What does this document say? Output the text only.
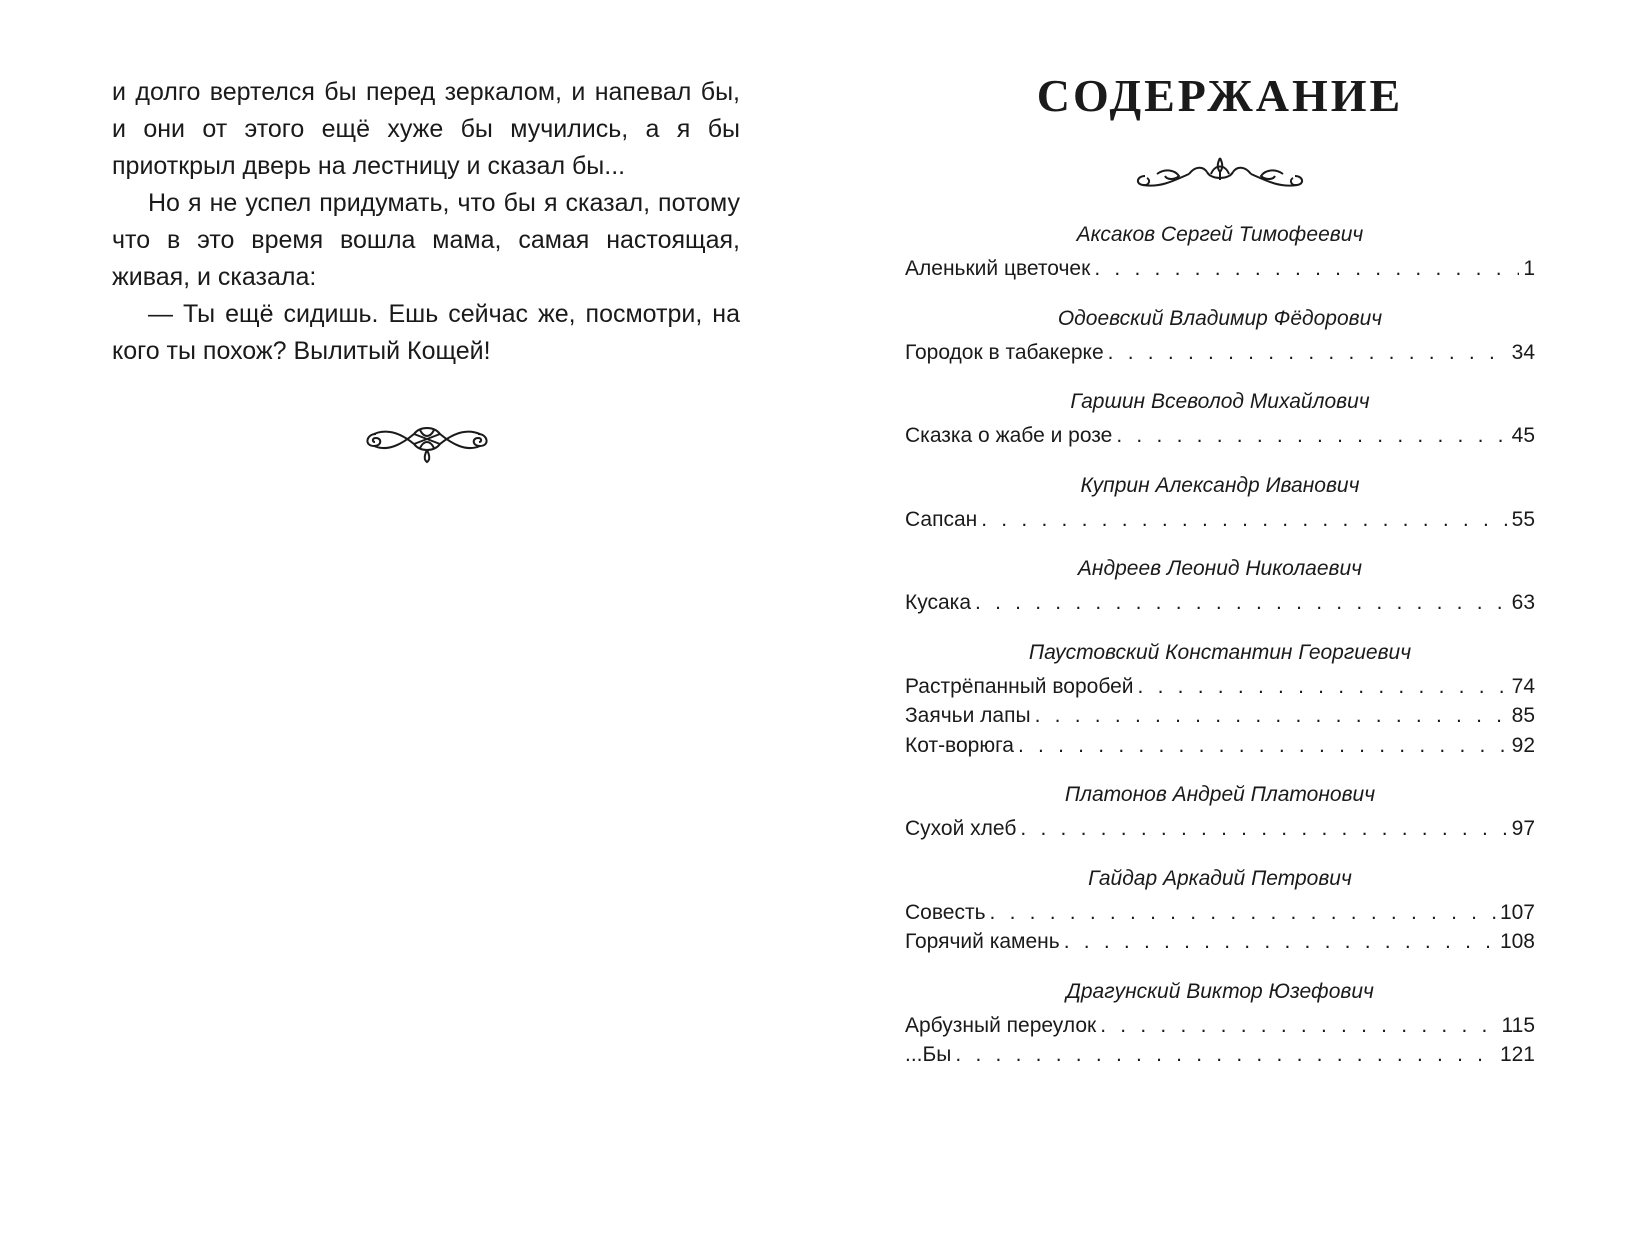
и долго вертелся бы перед зеркалом, и напевал бы, и они от этого ещё хуже бы мучились, а я бы приоткрыл дверь на лестницу и сказал бы...

Но я не успел придумать, что бы я сказал, потому что в это время вошла мама, самая настоящая, живая, и сказала:

— Ты ещё сидишь. Ешь сейчас же, посмотри, на кого ты похож? Вылитый Кощей!

СОДЕРЖАНИЕ
Аксаков Сергей Тимофеевич
Аленький цветочек . . .	1
Одоевский Владимир Фёдорович
Городок в табакерке . . .	34
Гаршин Всеволод Михайлович
Сказка о жабе и розе . . .	45
Куприн Александр Иванович
Сапсан . . .	55
Андреев Леонид Николаевич
Кусака . . .	63
Паустовский Константин Георгиевич
Растрёпанный воробей . . .	74
Заячьи лапы . . .	85
Кот-ворюга . . .	92
Платонов Андрей Платонович
Сухой хлеб . . .	97
Гайдар Аркадий Петрович
Совесть . . .	107
Горячий камень . . .	108
Драгунский Виктор Юзефович
Арбузный переулок . . .	115
...Бы . . .	121
